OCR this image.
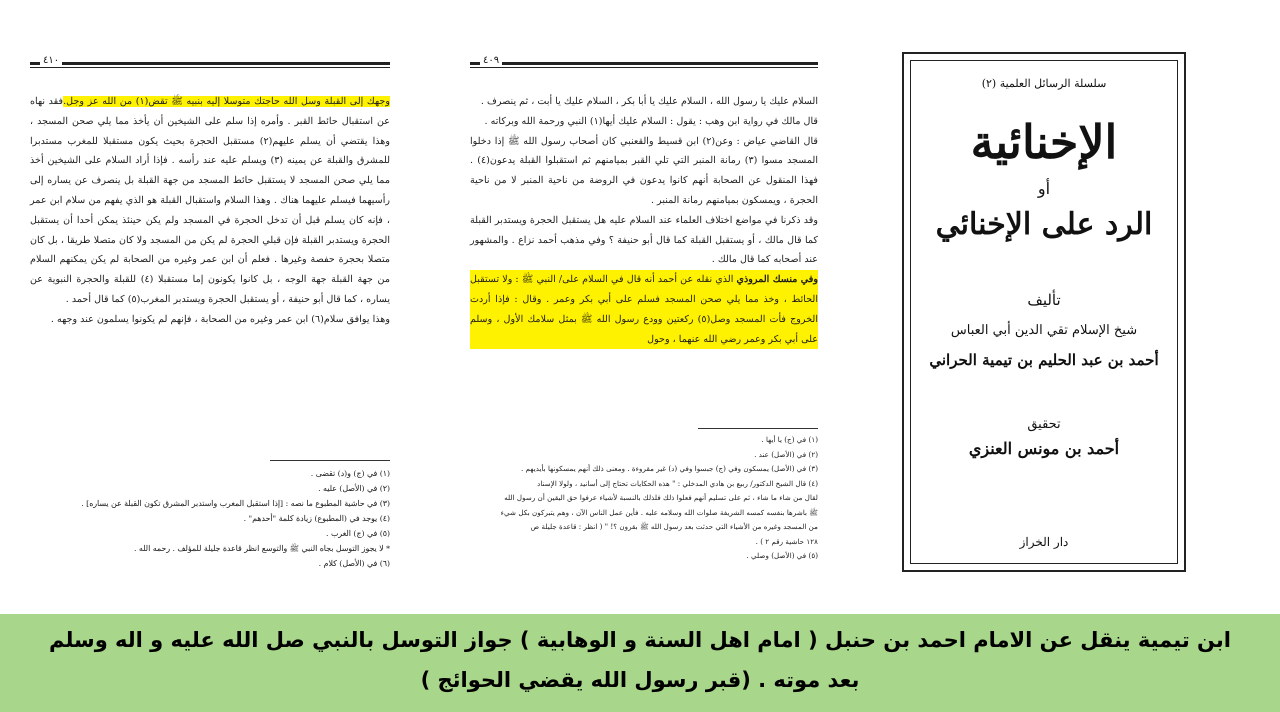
٤١٠

وجهك إلى القبلة وسل الله حاجتك متوسلا إليه بنبيه ﷺ تقض(١) من الله عز وجل.فقد نهاه عن استقبال حائط القبر . وأمره إذا سلم على الشيخين أن يأخذ مما يلي صحن المسجد ، وهذا يقتضي أن يسلم عليهم(٢) مستقبل الحجرة بحيث يكون مستقبلا للمغرب مستدبرا للمشرق والقبلة عن يمينه (٣) ويسلم عليه عند رأسه . فإذا أراد السلام على الشيخين أخذ مما يلي صحن المسجد لا يستقبل حائط المسجد من جهة القبلة بل ينصرف عن يساره إلى رأسيهما فيسلم عليهما هناك . وهذا السلام واستقبال القبلة هو الذي يفهم من سلام ابن عمر ، فإنه كان يسلم قبل أن تدخل الحجرة في المسجد ولم يكن حينئذ يمكن أحدا أن يستقبل الحجرة ويستدبر القبلة فإن قبلي الحجرة لم يكن من المسجد ولا كان متصلا طريقا ، بل كان متصلا بحجرة حفصة وغيرها . فعلم أن ابن عمر وغيره من الصحابة لم يكن يمكنهم السلام من جهة القبلة جهة الوجه ، بل كانوا يكونون إما مستقبلا (٤) للقبلة والحجرة النبوية عن يساره ، كما قال أبو حنيفة ، أو يستقبل الحجرة ويستدبر المغرب(٥) كما قال أحمد .

وهذا يوافق سلام(٦) ابن عمر وغيره من الصحابة ، فإنهم لم يكونوا يسلمون عند وجهه .

(١) في (ج) و(د) تقضى .
(٢) في (الأصل) عليه .
(٣) في حاشية المطبوع ما نصه : [إذا استقبل المغرب واستدبر المشرق تكون القبلة عن يساره] .
(٤) يوجد في (المطبوع) زيادة كلمة "أحدهم" .
(٥) في (ج) الغرب .
* لا يجوز التوسل بجاه النبي ﷺ والتوسع انظر قاعدة جليلة للمؤلف . رحمه الله .
(٦) في (الأصل) كلام .
٤٠٩

السلام عليك يا رسول الله ، السلام عليك يا أبا بكر ، السلام عليك يا أبت ، ثم ينصرف .

قال مالك في رواية ابن وهب : يقول : السلام عليك أيها(١) النبي ورحمة الله وبركاته .

قال القاضي عياض : وعن(٢) ابن قسيط والقعنبي كان أصحاب رسول الله ﷺ إذا دخلوا المسجد مسوا (٣) رمانة المنبر التي تلي القبر بميامنهم ثم استقبلوا القبلة يدعون(٤) . فهذا المنقول عن الصحابة أنهم كانوا يدعون في الروضة من ناحية المنبر لا من ناحية الحجرة ، ويمسكون بميامنهم رمانة المنبر .

وقد ذكرنا في مواضع اختلاف العلماء عند السلام عليه هل يستقبل الحجرة ويستدبر القبلة كما قال مالك ، أو يستقبل القبلة كما قال أبو حنيفة ؟ وفي مذهب أحمد نزاع . والمشهور عند أصحابه كما قال مالك .

وفي منسك المروذي الذي نقله عن أحمد أنه قال في السلام على/ النبي ﷺ : ولا تستقبل الحائط ، وخذ مما يلي صحن المسجد فسلم على أبي بكر وعمر . وقال : فإذا أردت الخروج فأت المسجد وصل(٥) ركعتين وودع رسول الله ﷺ بمثل سلامك الأول ، وسلم على أبي بكر وعمر رضي الله عنهما ، وحول

(١) في (ج) يا أيها .
(٢) في (الأصل) عند .
(٣) في (الأصل) يمسكون وفي (ج) جبسوا وفي (د) غير مقروءة . ومعنى ذلك أنهم يمسكونها بأيديهم .
(٤) قال الشيخ الدكتور/ ربيع بن هادي المدخلي : " هذه الحكايات تحتاج إلى أسانيد ، ولولا الإسناد
لقال من شاء ما شاء ، ثم على تسليم أنهم فعلوا ذلك فلذلك بالنسبة لأشياء عرفوا حق اليقين أن رسول الله
ﷺ باشرها بنفسه كمسه الشريفة صلوات الله وسلامه عليه . فأين عمل الناس الآن ، وهم يتبركون بكل شيء
من المسجد وغيره من الأشياء التي حدثت بعد رسول الله ﷺ بقرون ؟! " ( انظر : قاعدة جليلة ص
١٢٨ حاشية رقم ٢ ) .
(٥) في (الأصل) وصلي .
سلسلة الرسائل العلمية (٢)
الإخنائية
أو
الرد على الإخنائي
تأليف
شيخ الإسلام تقي الدين أبي العباس
أحمد بن عبد الحليم بن تيمية الحراني
تحقيق
أحمد بن مونس العنزي
دار الخراز

ابن تيمية ينقل عن الامام احمد بن حنبل ( امام اهل السنة و الوهابية ) جواز التوسل بالنبي صل الله عليه و اله وسلم

بعد موته . (قبر رسول الله يقضي الحوائج )
